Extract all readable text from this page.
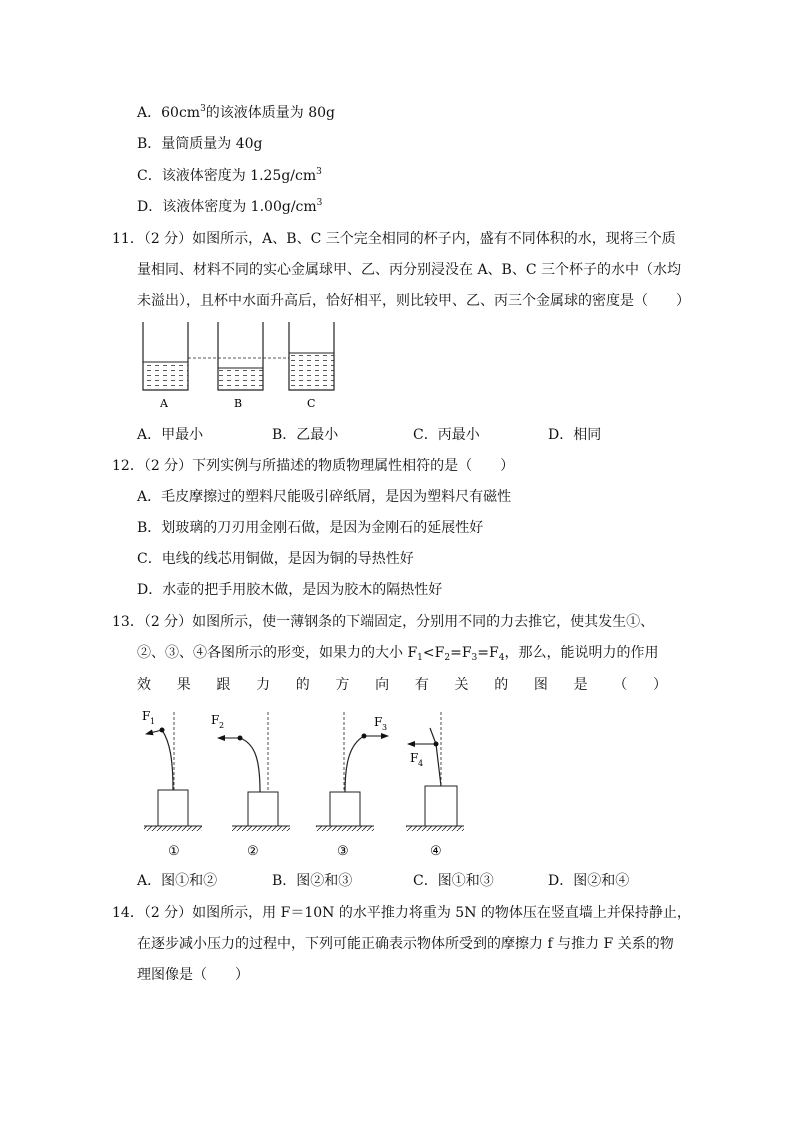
A．$60cm^3$的该液体质量为 80g
B．量筒质量为 40g
C．该液体密度为 $1.25g/cm^3$
D．该液体密度为 $1.00g/cm^3$
11．（2 分）如图所示，A、B、C 三个完全相同的杯子内，盛有不同体积的水，现将三个质
量相同、材料不同的实心金属球甲、乙、丙分别浸没在 A、B、C 三个杯子的水中（水均
未溢出），且杯中水面升高后，恰好相平，则比较甲、乙、丙三个金属球的密度是（　　）
A	B	C
A．甲最小	B．乙最小	C．丙最小	D．相同
12．（2 分）下列实例与所描述的物质物理属性相符的是（　　）
A．毛皮摩擦过的塑料尺能吸引碎纸屑，是因为塑料尺有磁性
B．划玻璃的刀刃用金刚石做，是因为金刚石的延展性好
C．电线的线芯用铜做，是因为铜的导热性好
D．水壶的把手用胶木做，是因为胶木的隔热性好
13．（2 分）如图所示，使一薄钢条的下端固定，分别用不同的力去推它，使其发生①、
②、③、④各图所示的形变，如果力的大小 $F_1<F_2=F_3=F_4$，那么，能说明力的作用
效 果 跟 力 的 方 向 有 关 的 图 是 （ ）
F 1
①
F 2
②
F 3
③
F 4
④
A．图①和②	B．图②和③	C．图①和③	D．图②和④
14．（2 分）如图所示，用 F＝10N 的水平推力将重为 5N 的物体压在竖直墙上并保持静止，
在逐步减小压力的过程中，下列可能正确表示物体所受到的摩擦力 f 与推力 F 关系的物
理图像是（　　）
